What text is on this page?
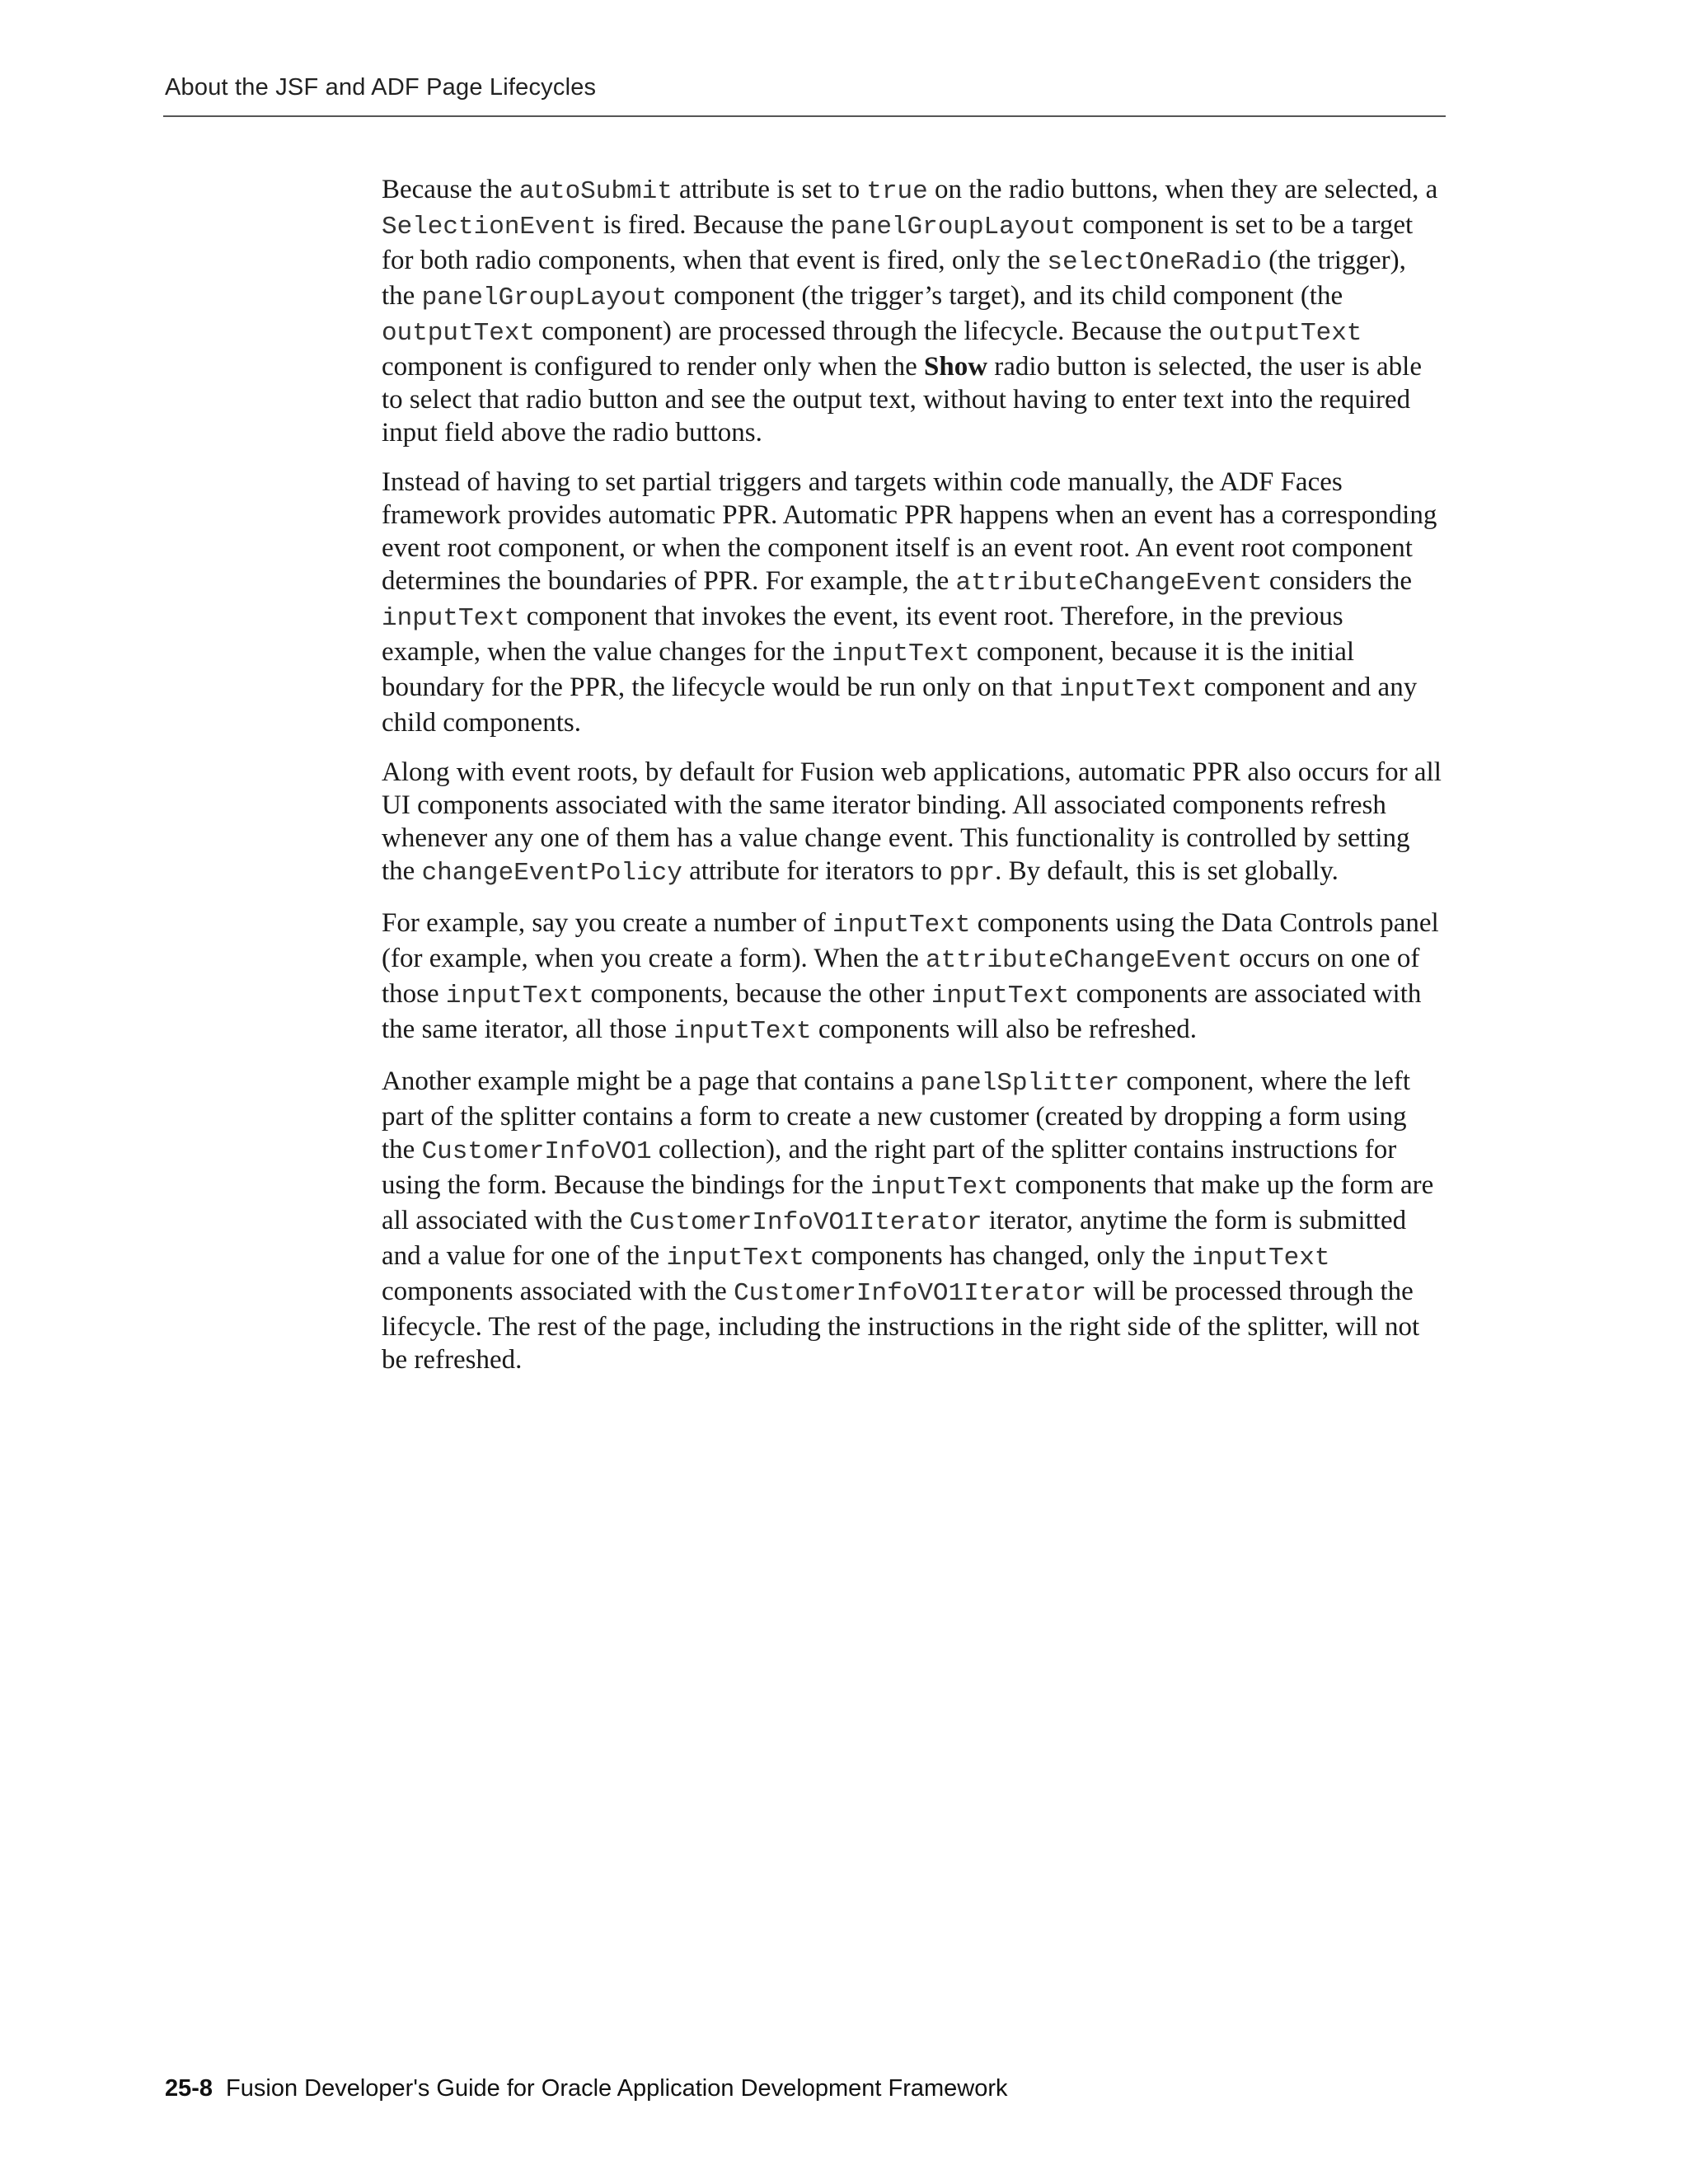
About the JSF and ADF Page Lifecycles

Because the autoSubmit attribute is set to true on the radio buttons, when they are selected, a SelectionEvent is fired. Because the panelGroupLayout component is set to be a target for both radio components, when that event is fired, only the selectOneRadio (the trigger), the panelGroupLayout component (the trigger’s target), and its child component (the outputText component) are processed through the lifecycle. Because the outputText component is configured to render only when the Show radio button is selected, the user is able to select that radio button and see the output text, without having to enter text into the required input field above the radio buttons.

Instead of having to set partial triggers and targets within code manually, the ADF Faces framework provides automatic PPR. Automatic PPR happens when an event has a corresponding event root component, or when the component itself is an event root. An event root component determines the boundaries of PPR. For example, the attributeChangeEvent considers the inputText component that invokes the event, its event root. Therefore, in the previous example, when the value changes for the inputText component, because it is the initial boundary for the PPR, the lifecycle would be run only on that inputText component and any child components.

Along with event roots, by default for Fusion web applications, automatic PPR also occurs for all UI components associated with the same iterator binding. All associated components refresh whenever any one of them has a value change event. This functionality is controlled by setting the changeEventPolicy attribute for iterators to ppr. By default, this is set globally.

For example, say you create a number of inputText components using the Data Controls panel (for example, when you create a form). When the attributeChangeEvent occurs on one of those inputText components, because the other inputText components are associated with the same iterator, all those inputText components will also be refreshed.

Another example might be a page that contains a panelSplitter component, where the left part of the splitter contains a form to create a new customer (created by dropping a form using the CustomerInfoVO1 collection), and the right part of the splitter contains instructions for using the form. Because the bindings for the inputText components that make up the form are all associated with the CustomerInfoVO1Iterator iterator, anytime the form is submitted and a value for one of the inputText components has changed, only the inputText components associated with the CustomerInfoVO1Iterator will be processed through the lifecycle. The rest of the page, including the instructions in the right side of the splitter, will not be refreshed.

25-8 Fusion Developer's Guide for Oracle Application Development Framework
